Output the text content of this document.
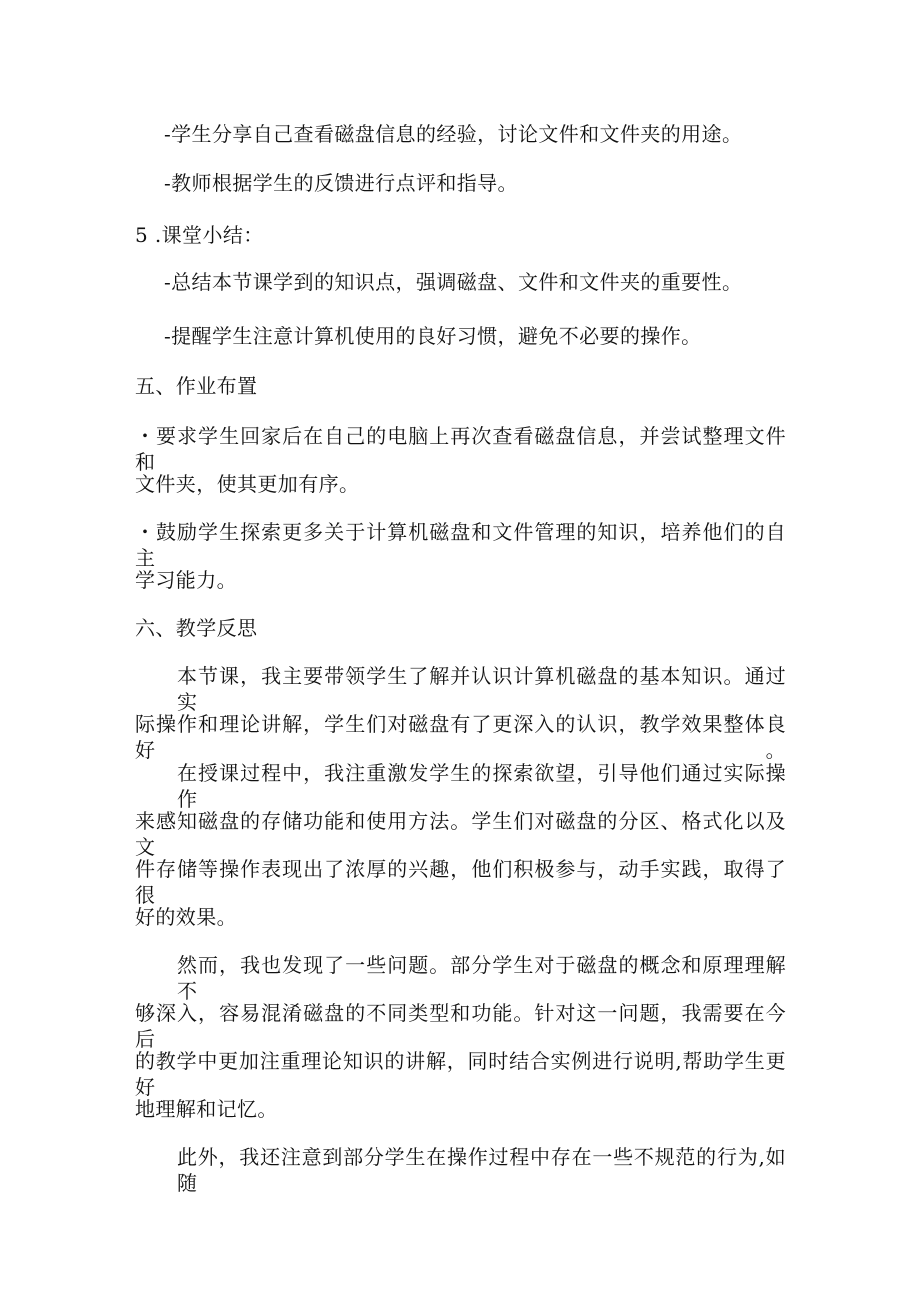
-学生分享自己查看磁盘信息的经验，讨论文件和文件夹的用途。
-教师根据学生的反馈进行点评和指导。
5 .课堂小结：
-总结本节课学到的知识点，强调磁盘、文件和文件夹的重要性。
-提醒学生注意计算机使用的良好习惯，避免不必要的操作。
五、作业布置
・要求学生回家后在自己的电脑上再次查看磁盘信息，并尝试整理文件和
文件夹，使其更加有序。
・鼓励学生探索更多关于计算机磁盘和文件管理的知识，培养他们的自主
学习能力。
六、教学反思
本节课，我主要带领学生了解并认识计算机磁盘的基本知识。通过实
际操作和理论讲解，学生们对磁盘有了更深入的认识，教学效果整体良好。
在授课过程中，我注重激发学生的探索欲望，引导他们通过实际操作
来感知磁盘的存储功能和使用方法。学生们对磁盘的分区、格式化以及文
件存储等操作表现出了浓厚的兴趣，他们积极参与，动手实践，取得了很
好的效果。
然而，我也发现了一些问题。部分学生对于磁盘的概念和原理理解不
够深入，容易混淆磁盘的不同类型和功能。针对这一问题，我需要在今后
的教学中更加注重理论知识的讲解，同时结合实例进行说明,帮助学生更好
地理解和记忆。
此外，我还注意到部分学生在操作过程中存在一些不规范的行为,如随
